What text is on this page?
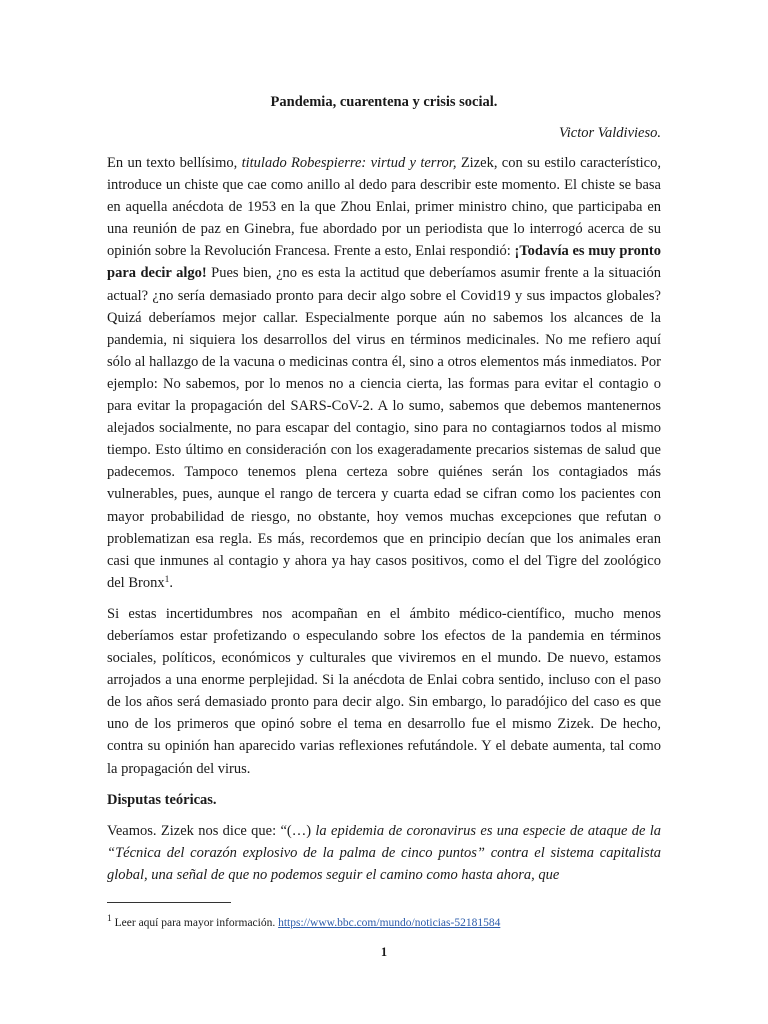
Pandemia, cuarentena y crisis social.
Victor Valdivieso.

En un texto bellísimo, titulado Robespierre: virtud y terror, Zizek, con su estilo característico, introduce un chiste que cae como anillo al dedo para describir este momento. El chiste se basa en aquella anécdota de 1953 en la que Zhou Enlai, primer ministro chino, que participaba en una reunión de paz en Ginebra, fue abordado por un periodista que lo interrogó acerca de su opinión sobre la Revolución Francesa. Frente a esto, Enlai respondió: ¡Todavía es muy pronto para decir algo! Pues bien, ¿no es esta la actitud que deberíamos asumir frente a la situación actual? ¿no sería demasiado pronto para decir algo sobre el Covid19 y sus impactos globales? Quizá deberíamos mejor callar. Especialmente porque aún no sabemos los alcances de la pandemia, ni siquiera los desarrollos del virus en términos medicinales. No me refiero aquí sólo al hallazgo de la vacuna o medicinas contra él, sino a otros elementos más inmediatos. Por ejemplo: No sabemos, por lo menos no a ciencia cierta, las formas para evitar el contagio o para evitar la propagación del SARS-CoV-2. A lo sumo, sabemos que debemos mantenernos alejados socialmente, no para escapar del contagio, sino para no contagiarnos todos al mismo tiempo. Esto último en consideración con los exageradamente precarios sistemas de salud que padecemos. Tampoco tenemos plena certeza sobre quiénes serán los contagiados más vulnerables, pues, aunque el rango de tercera y cuarta edad se cifran como los pacientes con mayor probabilidad de riesgo, no obstante, hoy vemos muchas excepciones que refutan o problematizan esa regla. Es más, recordemos que en principio decían que los animales eran casi que inmunes al contagio y ahora ya hay casos positivos, como el del Tigre del zoológico del Bronx$^1$.

Si estas incertidumbres nos acompañan en el ámbito médico-científico, mucho menos deberíamos estar profetizando o especulando sobre los efectos de la pandemia en términos sociales, políticos, económicos y culturales que viviremos en el mundo. De nuevo, estamos arrojados a una enorme perplejidad. Si la anécdota de Enlai cobra sentido, incluso con el paso de los años será demasiado pronto para decir algo. Sin embargo, lo paradójico del caso es que uno de los primeros que opinó sobre el tema en desarrollo fue el mismo Zizek. De hecho, contra su opinión han aparecido varias reflexiones refutándole. Y el debate aumenta, tal como la propagación del virus.

Disputas teóricas.

Veamos. Zizek nos dice que: “(…) la epidemia de coronavirus es una especie de ataque de la “Técnica del corazón explosivo de la palma de cinco puntos” contra el sistema capitalista global, una señal de que no podemos seguir el camino como hasta ahora, que

$^1$ Leer aquí para mayor información. https://www.bbc.com/mundo/noticias-52181584
1
